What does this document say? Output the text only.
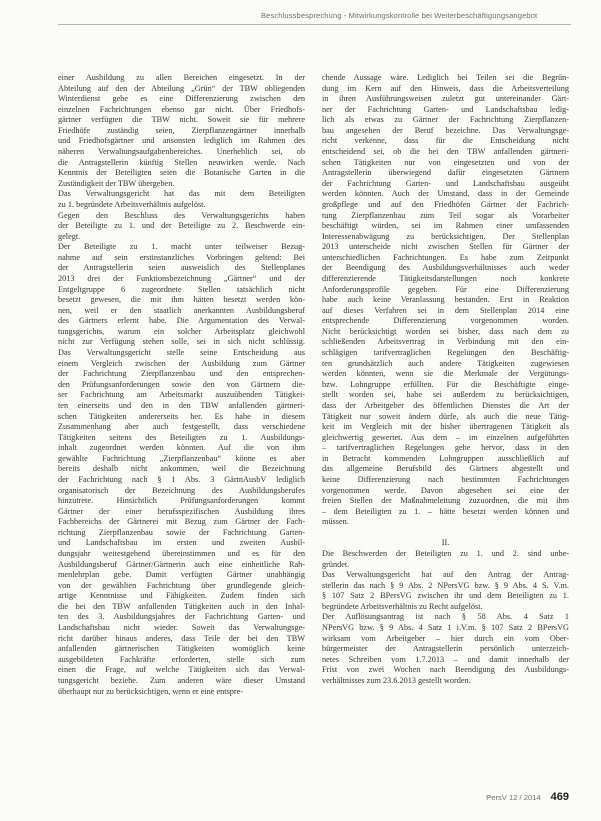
Beschlussbesprechung - Mitwirkungskontrolle bei Weiterbeschäftigungsangebot
einer Ausbildung zu allen Bereichen eingesetzt. In der
Abteilung auf den der Abteilung „Grün“ der TBW obliegenden
Winterdienst gebe es eine Differenzierung zwischen den
einzelnen Fachrichtungen ebenso gar nicht. Über Friedhofs-
gärtner verfügten die TBW nicht. Soweit sie für mehrere
Friedhöfe zuständig seien, Zierpflanzengärtner innerhalb
und Friedhofsgärtner und ansonsten lediglich im Rahmen des
näheren Verwaltungsaufgabenbereiches. Unerheblich sei, ob
die Antragstellerin künftig Stellen neuwirken werde. Nach
Kenntnis der Beteiligten seien die Botanische Garten in die
Zuständigkeit der TBW übergeben.
Das Verwaltungsgericht hat das mit dem Beteiligten
zu 1. begründete Arbeitsverhältnis aufgelöst.
Gegen den Beschluss des Verwaltungsgerichts haben
der Beteiligte zu 1. und der Beteiligte zu 2. Beschwerde ein-
gelegt.
Der Beteiligte zu 1. macht unter teilweiser Bezug-
nahme auf sein erstinstanzliches Vorbringen geltend: Bei
der Antragstellerin seien ausweislich des Stellenplanes
2013 drei der Funktionsbezeichnung „Gärtner“ und der
Entgeltgruppe 6 zugeordnete Stellen tatsächlich nicht
besetzt gewesen, die mit ihm hätten besetzt werden kön-
nen, weil er den staatlich anerkannten Ausbildungsberuf
des Gärtners erlernt habe. Die Argumentation des Verwal-
tungsgerichts, warum ein solcher Arbeitsplatz gleichwohl
nicht zur Verfügung stehen solle, sei in sich nicht schlüssig.
Das Verwaltungsgericht stelle seine Entscheidung aus
einem Vergleich zwischen der Ausbildung zum Gärtner
der Fachrichtung Zierpflanzenbau und den entsprechen-
den Prüfungsanforderungen sowie den von Gärtnern die-
ser Fachrichtung am Arbeitsmarkt auszuübenden Tätigkei-
ten einerseits und den in den TBW anfallenden gärtneri-
schen Tätigkeiten andererseits her. Es habe in diesem
Zusammenhang aber auch festgestellt, dass verschiedene
Tätigkeiten seitens des Beteiligten zu 1. Ausbildungs-
inhalt zugeordnet werden könnten. Auf die von ihm
gewählte Fachrichtung „Zierpflanzenbau“ könne es aber
bereits deshalb nicht ankommen, weil die Bezeichnung
der Fachrichtung nach § 1 Abs. 3 GärtnAusbV lediglich
organisatorisch der Bezeichnung des Ausbildungsberufes
hinzutrete. Hinsichtlich Prüfungsanforderungen kommt
Gärtner der einer berufsspezifischen Ausbildung ihres
Fachbereichs der Gärtnerei mit Bezug zum Gärtner der Fach-
richtung Zierpflanzenbau sowie der Fachrichtung Garten-
und Landschaftsbau im ersten und zweiten Ausbil-
dungsjahr weitestgehend übereinstimmen und es für den
Ausbildungsberuf Gärtner/Gärtnerin auch eine einheitliche Rah-
menlehrplan gebe. Damit verfügten Gärtner unabhängig
von der gewählten Fachrichtung über grundlegende gleich-
artige Kenntnisse und Fähigkeiten. Zudem finden sich
die bei den TBW anfallenden Tätigkeiten auch in den Inhal-
ten des 3. Ausbildungsjahres der Fachrichtung Garten- und
Landschaftsbau nicht wieder. Soweit das Verwaltungsge-
richt darüber hinaus anderes, dass Teile der bei den TBW
anfallenden gärtnerischen Tätigkeiten womöglich keine
ausgebildeten Fachkräfte erforderten, stelle sich zum
einen die Frage, auf welche Tätigkeiten sich das Verwal-
tungsgericht beziehe. Zum anderen wäre dieser Umstand
überhaupt nur zu berücksichtigen, wenn er eine entspre-
chende Aussage wäre. Lediglich bei Teilen sei die Begrün-
dung im Kern auf den Hinweis, dass die Arbeitsverteilung
in ihren Ausführungsweisen zuletzt gut untereinander Gärt-
ner der Fachrichtung Garten- und Landschaftsbau ledig-
lich als etwas zu Gärtner der Fachrichtung Zierpflanzen-
bau angesehen der Beruf bezeichne. Das Verwaltungsge-
richt verkenne, dass für die Entscheidung nicht
entscheidend sei, ob die bei den TBW anfallenden gärtneri-
schen Tätigkeiten nur von eingesetzten und von der
Antragstellerin überwiegend dafür eingesetzten Gärtnern
der Fachrichtung Garten- und Landschaftsbau ausgeübt
werden könnten. Auch der Umstand, dass in der Gemeinde
großpflege und auf den Friedhöfen Gärtner der Fachrich-
tung Zierpflanzenbau zum Teil sogar als Vorarbeiter
beschäftigt würden, sei im Rahmen einer umfassenden
Interessenabwägung zu berücksichtigen. Der Stellenplan
2013 unterscheide nicht zwischen Stellen für Gärtner der
unterschiedlichen Fachrichtungen. Es habe zum Zeitpunkt
der Beendigung des Ausbildungsverhältnisses auch weder
differenzierende Tätigkeitsdarstellungen noch konkrete
Anforderungsprofile gegeben. Für eine Differenzierung
habe auch keine Veranlassung bestanden. Erst in Reaktion
auf dieses Verfahren sei in dem Stellenplan 2014 eine
entsprechende Differenzierung vorgenommen worden.
Nicht berücksichtigt worden sei bisher, dass nach dem zu
schließenden Arbeitsvertrag in Verbindung mit den ein-
schlägigen tarifvertraglichen Regelungen den Beschäftig-
ten grundsätzlich auch andere Tätigkeiten zugewiesen
werden könnten, wenn sie die Merkmale der Vergütungs-
bzw. Lohngruppe erfüllten. Für die Beschäftigte einge-
stellt worden sei, habe sei außerdem zu berücksichtigen,
dass der Arbeitgeber des öffentlichen Dienstes die Art der
Tätigkeit nur soweit ändern dürfe, als auch die neue Tätig-
keit im Vergleich mit der bisher übertragenen Tätigkeit als
gleichwertig gewertet. Aus dem – im einzelnen aufgeführten
– tarifvertraglichen Regelungen gehe hervor, dass in den
in Betracht kommenden Lohngruppen ausschließlich auf
das allgemeine Berufsbild des Gärtners abgestellt und
keine Differenzierung nach bestimmten Fachrichtungen
vorgenommen werde. Davon abgesehen sei eine der
freien Stellen der Maßnahmeleitung zuzuordnen, die mit ihm
– dem Beteiligten zu 1. – hätte besetzt werden können und
müssen.
II.
Die Beschwerden der Beteiligten zu 1. und 2. sind unbe-
gründet.
Das Verwaltungsgericht hat auf den Antrag der Antrag-
stellerin das nach § 9 Abs. 2 NPersVG bzw. § 9 Abs. 4 S. V.m.
§ 107 Satz 2 BPersVG zwischen ihr und dem Beteiligten zu 1.
begründete Arbeitsverhältnis zu Recht aufgelöst.
Der Auflösungsantrag ist nach § 58 Abs. 4 Satz 1
NPersVG bzw. § 9 Abs. 4 Satz 1 i.V.m. § 107 Satz 2 BPersVG
wirksam vom Arbeitgeber – hier durch ein vom Ober-
bürgermeister der Antragstellerin persönlich unterzeich-
netes Schreiben vom 1.7.2013 – und damit innerhalb der
Frist von zwei Wochen nach Beendigung des Ausbildungs-
verhältnisses zum 23.6.2013 gestellt worden.
PersV 12 / 2014 469
